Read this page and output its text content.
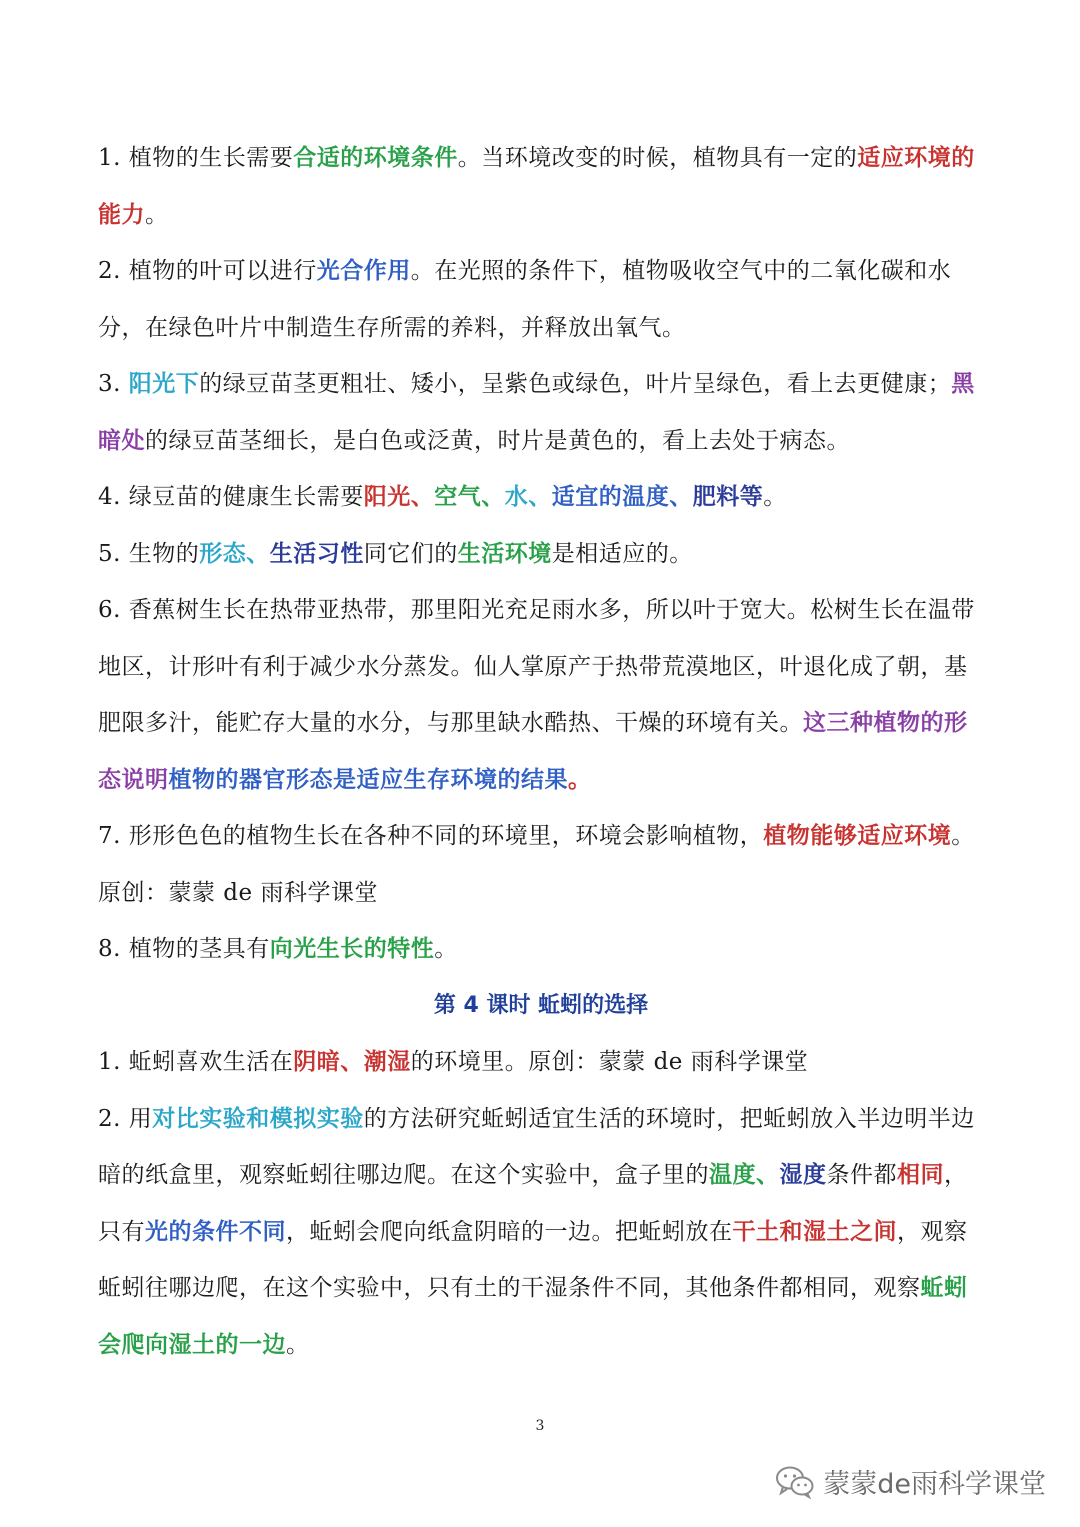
1. 植物的生长需要合适的环境条件。当环境改变的时候，植物具有一定的适应环境的能力。

2. 植物的叶可以进行光合作用。在光照的条件下，植物吸收空气中的二氧化碳和水分，在绿色叶片中制造生存所需的养料，并释放出氧气。

3. 阳光下的绿豆苗茎更粗壮、矮小，呈紫色或绿色，叶片呈绿色，看上去更健康；黑暗处的绿豆苗茎细长，是白色或泛黄，时片是黄色的，看上去处于病态。

4. 绿豆苗的健康生长需要阳光、空气、水、适宜的温度、肥料等。

5. 生物的形态、生活习性同它们的生活环境是相适应的。

6. 香蕉树生长在热带亚热带，那里阳光充足雨水多，所以叶于宽大。松树生长在温带地区，计形叶有利于减少水分蒸发。仙人掌原产于热带荒漠地区，叶退化成了朝，基肥限多汁，能贮存大量的水分，与那里缺水酷热、干燥的环境有关。这三种植物的形态说明植物的器官形态是适应生存环境的结果。

7. 形形色色的植物生长在各种不同的环境里，环境会影响植物，植物能够适应环境。原创：蒙蒙 de 雨科学课堂

8. 植物的茎具有向光生长的特性。

第 4 课时 蚯蚓的选择

1. 蚯蚓喜欢生活在阴暗、潮湿的环境里。原创：蒙蒙 de 雨科学课堂

2. 用对比实验和模拟实验的方法研究蚯蚓适宜生活的环境时，把蚯蚓放入半边明半边暗的纸盒里，观察蚯蚓往哪边爬。在这个实验中，盒子里的温度、湿度条件都相同，只有光的条件不同，蚯蚓会爬向纸盒阴暗的一边。把蚯蚓放在干土和湿土之间，观察蚯蚓往哪边爬，在这个实验中，只有土的干湿条件不同，其他条件都相同，观察蚯蚓会爬向湿土的一边。

3
蒙蒙de雨科学课堂
